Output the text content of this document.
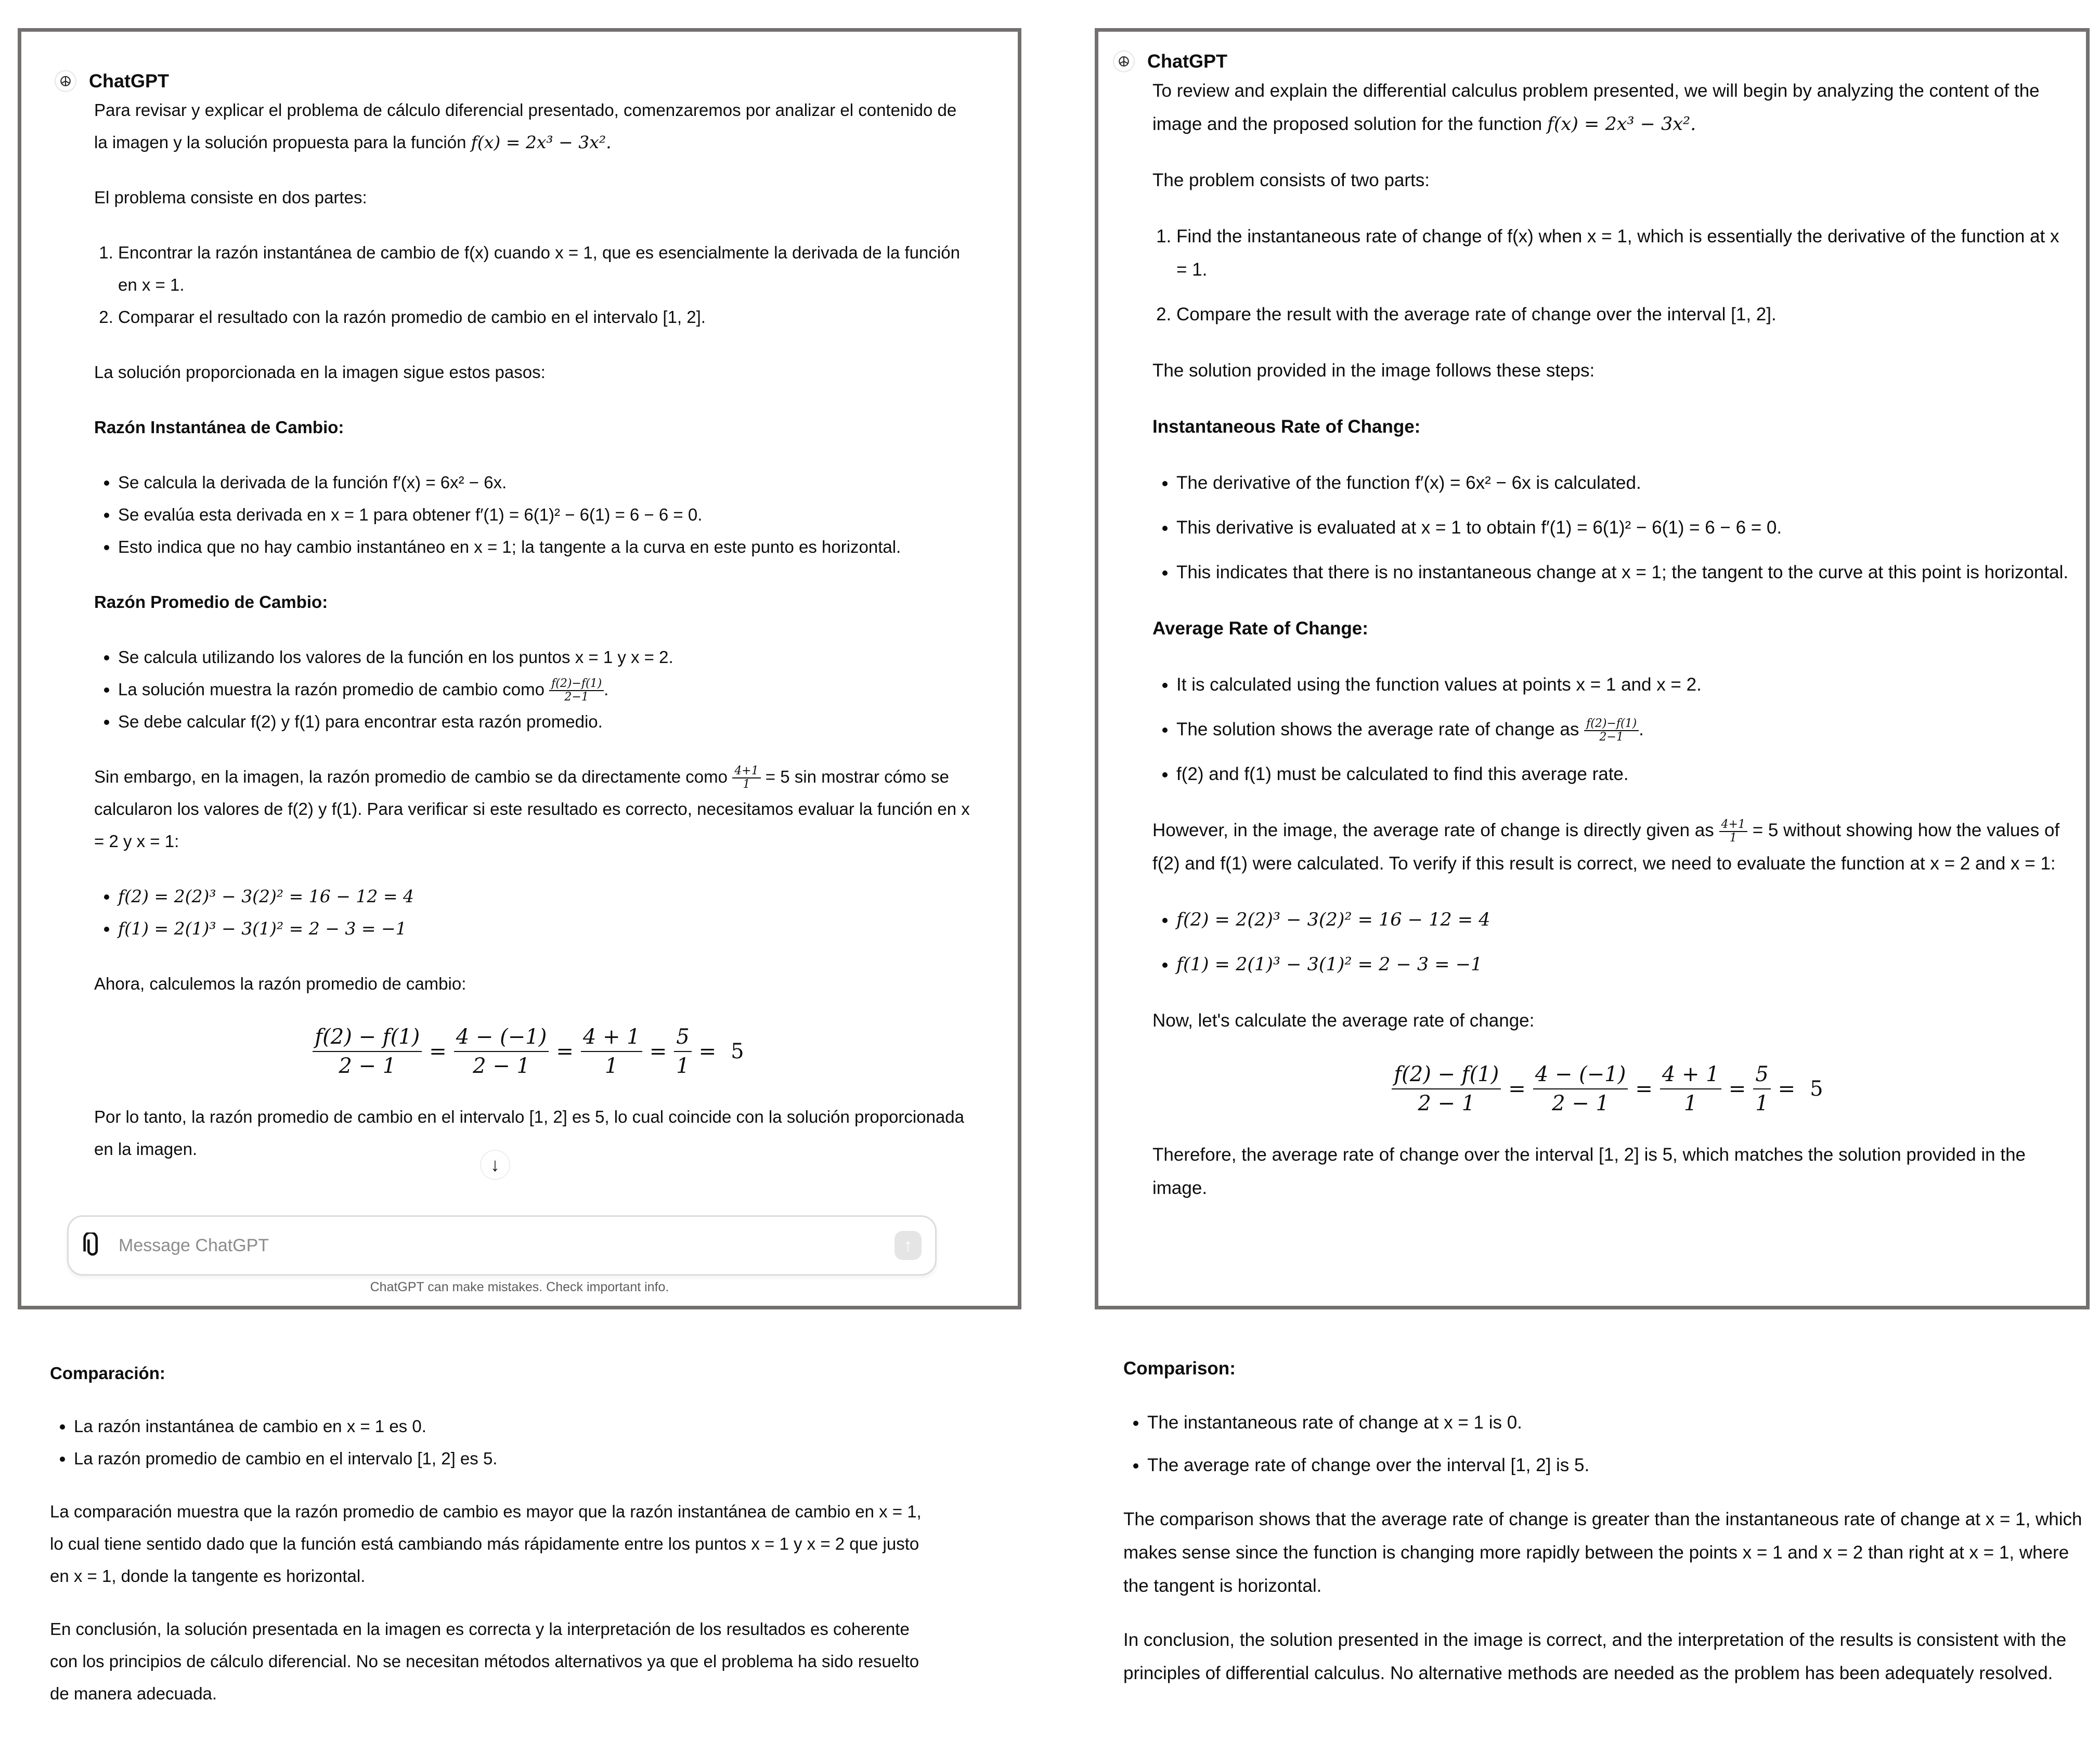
ChatGPT

Para revisar y explicar el problema de cálculo diferencial presentado, comenzaremos por analizar el contenido de la imagen y la solución propuesta para la función f(x) = 2x³ − 3x².

El problema consiste en dos partes:

1. Encontrar la razón instantánea de cambio de f(x) cuando x = 1, que es esencialmente la derivada de la función en x = 1.
2. Comparar el resultado con la razón promedio de cambio en el intervalo [1, 2].

La solución proporcionada en la imagen sigue estos pasos:

Razón Instantánea de Cambio:
• Se calcula la derivada de la función f′(x) = 6x² − 6x.
• Se evalúa esta derivada en x = 1 para obtener f′(1) = 6(1)² − 6(1) = 6 − 6 = 0.
• Esto indica que no hay cambio instantáneo en x = 1; la tangente a la curva en este punto es horizontal.
Razón Promedio de Cambio:
• Se calcula utilizando los valores de la función en los puntos x = 1 y x = 2.
• La solución muestra la razón promedio de cambio como $\frac{f(2)-f(1)}{2-1}$ .
• Se debe calcular f(2) y f(1) para encontrar esta razón promedio.

Sin embargo, en la imagen, la razón promedio de cambio se da directamente como $\frac{4+1}{1} = 5$ sin mostrar cómo se calcularon los valores de f(2) y f(1). Para verificar si este resultado es correcto, necesitamos evaluar la función en x = 2 y x = 1:

• f(2) = 2(2)³ − 3(2)² = 16 − 12 = 4
• f(1) = 2(1)³ − 3(1)² = 2 − 3 = −1

Ahora, calculemos la razón promedio de cambio:

$\frac{f(2) - f(1)}{2 - 1} = \frac{4 - (-1)}{2 - 1} = \frac{4 + 1}{1} = \frac{5}{1} = 5$

Por lo tanto, la razón promedio de cambio en el intervalo [1, 2] es 5, lo cual coincide con la solución proporcionada en la imagen.

↓
Message ChatGPT
↑
ChatGPT can make mistakes. Check important info.
ChatGPT

To review and explain the differential calculus problem presented, we will begin by analyzing the content of the image and the proposed solution for the function f(x) = 2x³ − 3x².

The problem consists of two parts:

1. Find the instantaneous rate of change of f(x) when x = 1, which is essentially the derivative of the function at x = 1.
2. Compare the result with the average rate of change over the interval [1, 2].

The solution provided in the image follows these steps:

Instantaneous Rate of Change:
• The derivative of the function f′(x) = 6x² − 6x is calculated.
• This derivative is evaluated at x = 1 to obtain f′(1) = 6(1)² − 6(1) = 6 − 6 = 0.
• This indicates that there is no instantaneous change at x = 1; the tangent to the curve at this point is horizontal.
Average Rate of Change:
• It is calculated using the function values at points x = 1 and x = 2.
• The solution shows the average rate of change as $\frac{f(2)-f(1)}{2-1}$ .
• f(2) and f(1) must be calculated to find this average rate.

However, in the image, the average rate of change is directly given as $\frac{4+1}{1} = 5$ without showing how the values of f(2) and f(1) were calculated. To verify if this result is correct, we need to evaluate the function at x = 2 and x = 1:

• f(2) = 2(2)³ − 3(2)² = 16 − 12 = 4
• f(1) = 2(1)³ − 3(1)² = 2 − 3 = −1

Now, let's calculate the average rate of change:

$\frac{f(2) - f(1)}{2 - 1} = \frac{4 - (-1)}{2 - 1} = \frac{4 + 1}{1} = \frac{5}{1} = 5$

Therefore, the average rate of change over the interval [1, 2] is 5, which matches the solution provided in the image.

Comparación:
• La razón instantánea de cambio en x = 1 es 0.
• La razón promedio de cambio en el intervalo [1, 2] es 5.

La comparación muestra que la razón promedio de cambio es mayor que la razón instantánea de cambio en x = 1, lo cual tiene sentido dado que la función está cambiando más rápidamente entre los puntos x = 1 y x = 2 que justo en x = 1, donde la tangente es horizontal.

En conclusión, la solución presentada en la imagen es correcta y la interpretación de los resultados es coherente con los principios de cálculo diferencial. No se necesitan métodos alternativos ya que el problema ha sido resuelto de manera adecuada.

Comparison:
• The instantaneous rate of change at x = 1 is 0.
• The average rate of change over the interval [1, 2] is 5.

The comparison shows that the average rate of change is greater than the instantaneous rate of change at x = 1, which makes sense since the function is changing more rapidly between the points x = 1 and x = 2 than right at x = 1, where the tangent is horizontal.

In conclusion, the solution presented in the image is correct, and the interpretation of the results is consistent with the principles of differential calculus. No alternative methods are needed as the problem has been adequately resolved.
